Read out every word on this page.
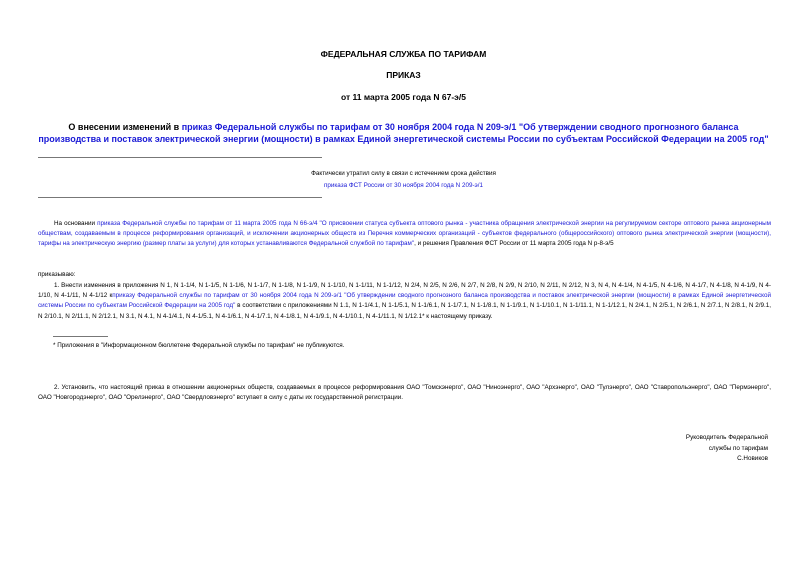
ФЕДЕРАЛЬНАЯ СЛУЖБА ПО ТАРИФАМ
ПРИКАЗ
от 11 марта 2005 года N 67-э/5
О внесении изменений в приказ Федеральной службы по тарифам от 30 ноября 2004 года N 209-э/1 "Об утверждении сводного прогнозного баланса производства и поставок электрической энергии (мощности) в рамках Единой энергетической системы России по субъектам Российской Федерации на 2005 год"
Фактически утратил силу в связи с истечением срока действия
приказа ФСТ России от 30 ноября 2004 года N 209-э/1
На основании приказа Федеральной службы по тарифам от 11 марта 2005 года N 66-э/4 "О присвоении статуса субъекта оптового рынка - участника обращения электрической энергии на регулируемом секторе оптового рынка акционерным обществам, создаваемым в процессе реформирования организаций, и исключении акционерных обществ из Перечня коммерческих организаций - субъектов федерального (общероссийского) оптового рынка электрической энергии (мощности), тарифы на электрическую энергию (размер платы за услуги) для которых устанавливаются Федеральной службой по тарифам", и решения Правления ФСТ России от 11 марта 2005 года N р-8-э/5
приказываю:
1. Внести изменения в приложения N 1, N 1-1/4, N 1-1/5, N 1-1/6, N 1-1/7, N 1-1/8, N 1-1/9, N 1-1/10, N 1-1/11, N 1-1/12, N 2/4, N 2/5, N 2/6, N 2/7, N 2/8, N 2/9, N 2/10, N 2/11, N 2/12, N 3, N 4, N 4-1/4, N 4-1/5, N 4-1/6, N 4-1/7, N 4-1/8, N 4-1/9, N 4-1/10, N 4-1/11, N 4-1/12 кприказу Федеральной службы по тарифам от 30 ноября 2004 года N 209-э/1 "Об утверждении сводного прогнозного баланса производства и поставок электрической энергии (мощности) в рамках Единой энергетической системы России по субъектам Российской Федерации на 2005 год" в соответствии с приложениями N 1.1, N 1-1/4.1, N 1-1/5.1, N 1-1/6.1, N 1-1/7.1, N 1-1/8.1, N 1-1/9.1, N 1-1/10.1, N 1-1/11.1, N 1-1/12.1, N 2/4.1, N 2/5.1, N 2/6.1, N 2/7.1, N 2/8.1, N 2/9.1, N 2/10.1, N 2/11.1, N 2/12.1, N 3.1, N 4.1, N 4-1/4.1, N 4-1/5.1, N 4-1/6.1, N 4-1/7.1, N 4-1/8.1, N 4-1/9.1, N 4-1/10.1, N 4-1/11.1, N 1/12.1* к настоящему приказу.
* Приложения в "Информационном бюллетене Федеральной службы по тарифам" не публикуются.
2. Установить, что настоящий приказ в отношении акционерных обществ, создаваемых в процессе реформирования ОАО "Томскэнерго", ОАО "Ниноэнерго", ОАО "Архэнерго", ОАО "Тулэнерго", ОАО "Ставропольэнерго", ОАО "Пермэнерго", ОАО "Новгородэнерго", ОАО "Орелэнерго", ОАО "Свердловэнерго" вступает в силу с даты их государственной регистрации.
Руководитель Федеральной
службы по тарифам
С.Новиков
